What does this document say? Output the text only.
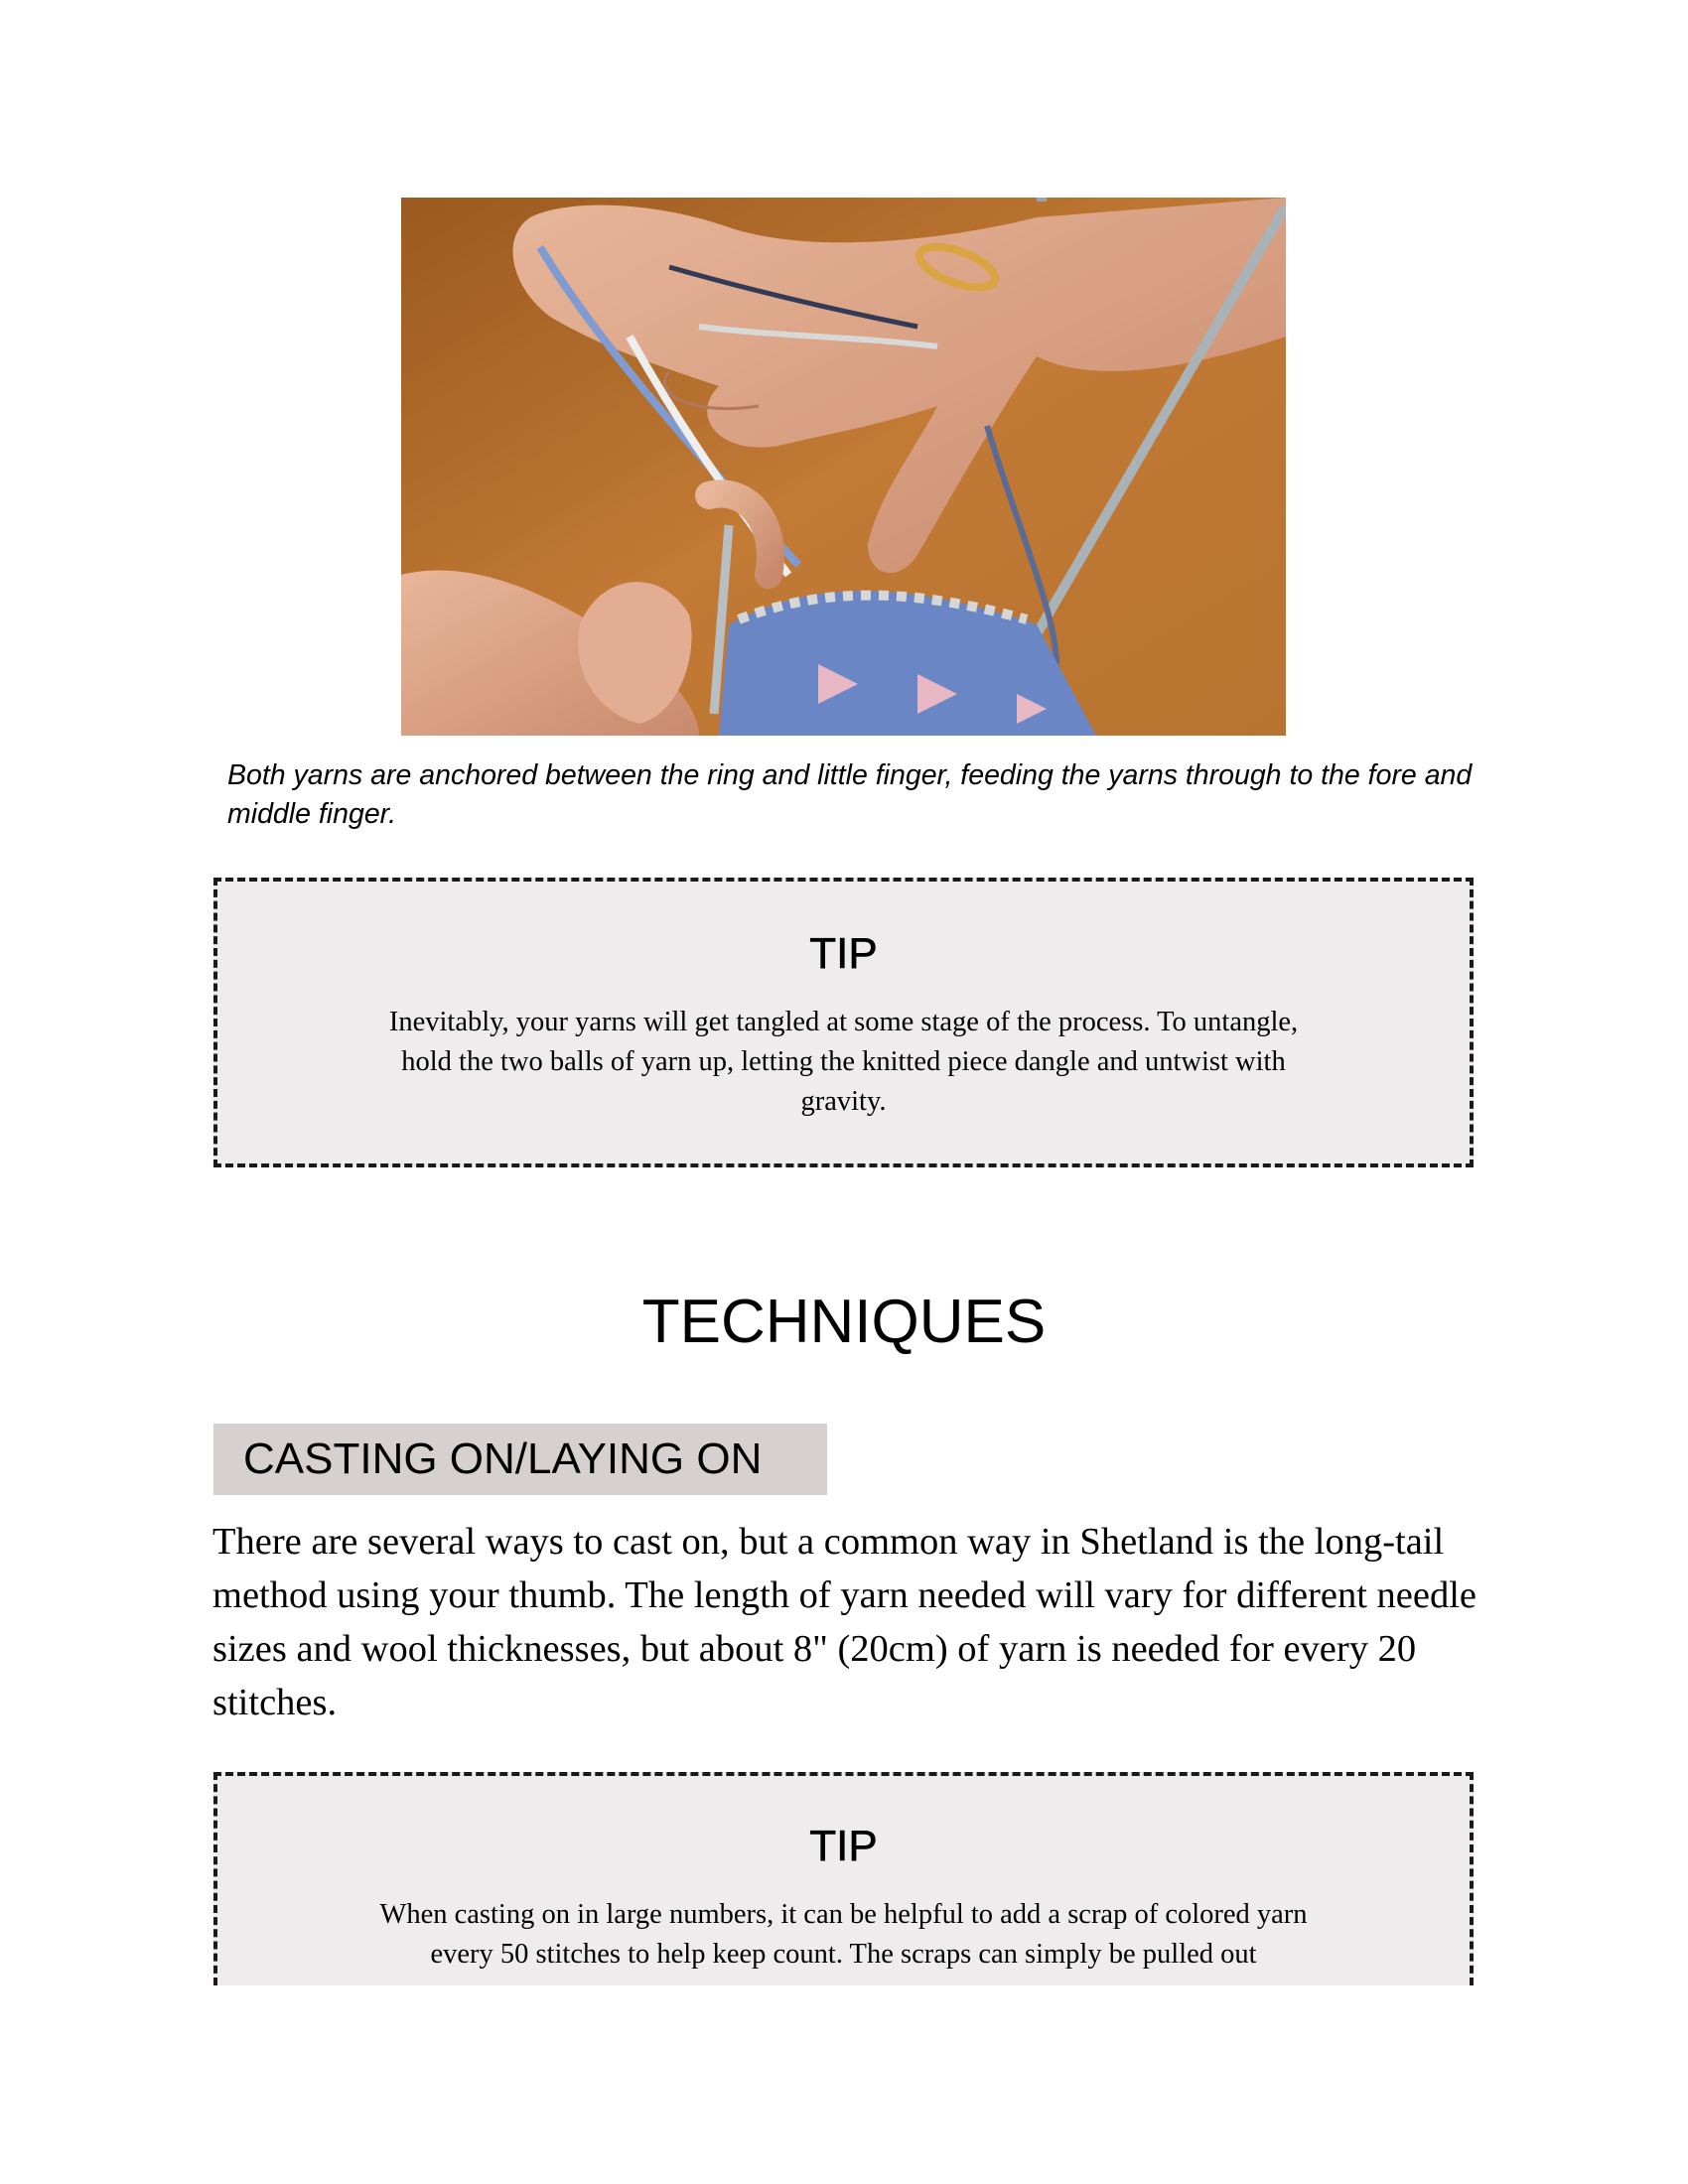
Both yarns are anchored between the ring and little finger, feeding the yarns through to the fore and middle finger.
TIP
Inevitably, your yarns will get tangled at some stage of the process. To untangle, hold the two balls of yarn up, letting the knitted piece dangle and untwist with gravity.
TECHNIQUES
CASTING ON/LAYING ON
There are several ways to cast on, but a common way in Shetland is the long-tail method using your thumb. The length of yarn needed will vary for different needle sizes and wool thicknesses, but about 8" (20cm) of yarn is needed for every 20 stitches.
TIP
When casting on in large numbers, it can be helpful to add a scrap of colored yarn every 50 stitches to help keep count. The scraps can simply be pulled out
